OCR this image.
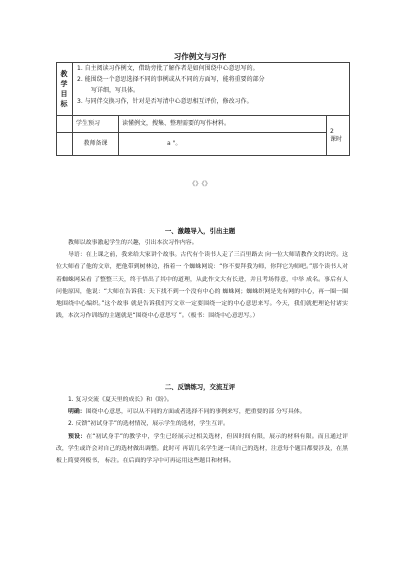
习作例文与习作
教学目标	1. 自主阅读习作例文，借助旁批了解作者是如何围绕中心意思写的。

2. 能围绕一个意思选择不同的事例或从不同的方面写，能将重要的部分

写详细，写具体。

3. 与同伴交换习作，针对是否写清中心意思相互评价，修改习作。		

	学生预习	读懂例文，搜集、整理需要的写作材料。	2
课时

	教师备课	a "。	
《》《》
一、激趣导入，引出主题

教师以故事激起学生的兴趣，引出本次习作内容。

导语：在上课之前，我来给大家讲个故事。古代有个读书人走了三百里路去 向一位大师请教作文的诀窍。这位大师看了他的文章，把他带到树林边，指着一 个蜘蛛网说：“你不要拜我为师，你拜它为师吧。”那个读书人对着蜘蛛网呆看 了整整三天，终于悟出了其中的道理，从此作文大有长进，并且考场得意，中举 成名。事后有人问他原因，他说：“大师在告诉我：天下找不到一个没有中心的 蜘蛛网；蜘蛛织网是先有网的中心，再一圈一圈地围绕中心编织。”这个故事 就是告诉我们写文章一定要围绕一定的中心意思来写。今天，我们就把理论付诸实 践，本次习作训练的主题就是“围绕中心意思写 ”。（板书：围绕中心意思写。）

二、反馈练习，交流互评

1. 复习交流《夏天里的成长》和《盼》。

明确：围绕中心意思，可以从不同的方面或者选择不同的事例来写，把重要的部 分写具体。

2. 反馈“初试身手”的选材情况，展示学生的选材，学生互评。

预设：在“初试身手”的教学中，学生已经展示过相关选材，但因时间有限，展示的材料有限。而且通过评改，学生或许会对自己的选材做出调整。此时可 再请几名学生逐一读自己的选材，注意每个题目都要涉及，在黑板上简要列板书， 标注。在后面的学习中可再运用这些题目和材料。
